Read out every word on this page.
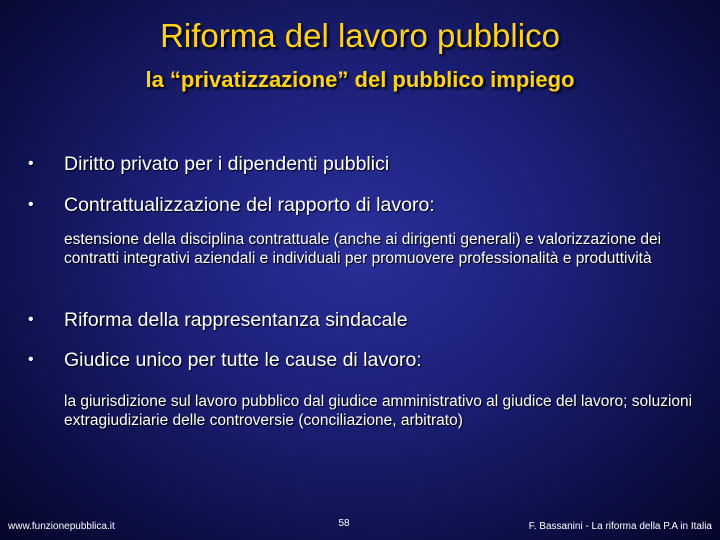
Riforma del lavoro pubblico
la “privatizzazione” del pubblico impiego
• Diritto privato per i dipendenti pubblici
• Contrattualizzazione del rapporto di lavoro:
estensione della disciplina contrattuale (anche ai dirigenti generali) e valorizzazione dei contratti integrativi aziendali e individuali per promuovere professionalità e produttività
• Riforma della rappresentanza sindacale
• Giudice unico per tutte le cause di lavoro:
la giurisdizione sul lavoro pubblico dal giudice amministrativo al giudice del lavoro; soluzioni extragiudiziarie delle controversie (conciliazione, arbitrato)
www.funzionepubblica.it	58	F. Bassanini - La riforma della P.A in Italia
